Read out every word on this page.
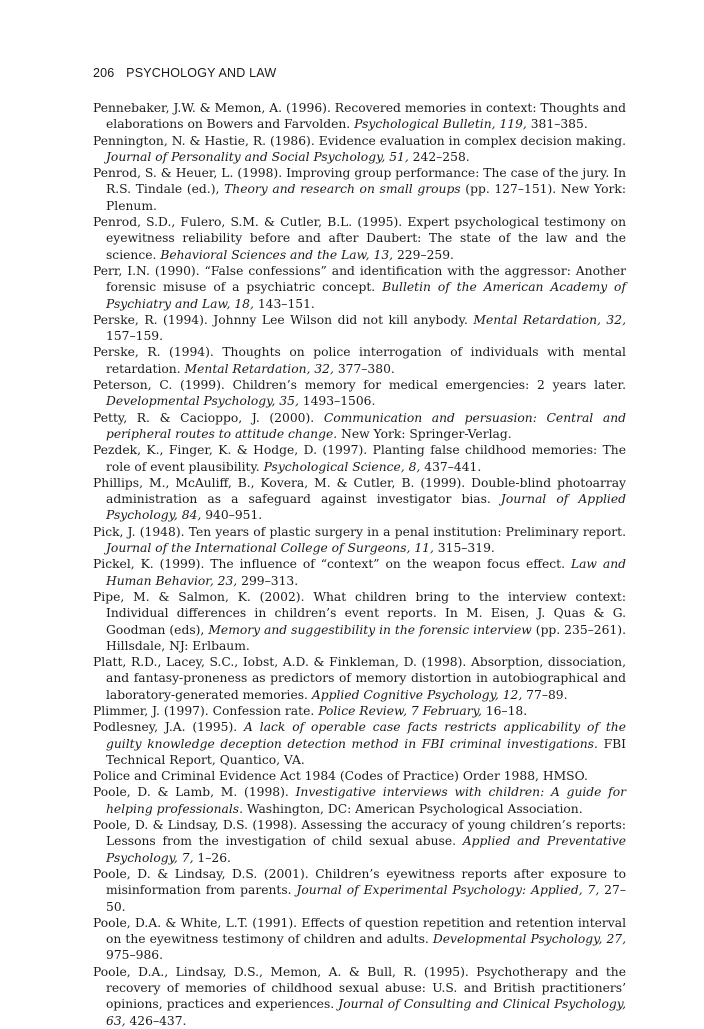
206 PSYCHOLOGY AND LAW

Pennebaker, J.W. & Memon, A. (1996). Recovered memories in context: Thoughts and elaborations on Bowers and Farvolden. Psychological Bulletin, 119, 381–385.

Pennington, N. & Hastie, R. (1986). Evidence evaluation in complex decision making. Journal of Personality and Social Psychology, 51, 242–258.

Penrod, S. & Heuer, L. (1998). Improving group performance: The case of the jury. In R.S. Tindale (ed.), Theory and research on small groups (pp. 127–151). New York: Plenum.

Penrod, S.D., Fulero, S.M. & Cutler, B.L. (1995). Expert psychological testimony on eyewitness reliability before and after Daubert: The state of the law and the science. Behavioral Sciences and the Law, 13, 229–259.

Perr, I.N. (1990). “False confessions” and identification with the aggressor: Another forensic misuse of a psychiatric concept. Bulletin of the American Academy of Psychiatry and Law, 18, 143–151.

Perske, R. (1994). Johnny Lee Wilson did not kill anybody. Mental Retardation, 32, 157–159.

Perske, R. (1994). Thoughts on police interrogation of individuals with mental retardation. Mental Retardation, 32, 377–380.

Peterson, C. (1999). Children’s memory for medical emergencies: 2 years later. Developmental Psychology, 35, 1493–1506.

Petty, R. & Cacioppo, J. (2000). Communication and persuasion: Central and peripheral routes to attitude change. New York: Springer-Verlag.

Pezdek, K., Finger, K. & Hodge, D. (1997). Planting false childhood memories: The role of event plausibility. Psychological Science, 8, 437–441.

Phillips, M., McAuliff, B., Kovera, M. & Cutler, B. (1999). Double-blind photoarray administration as a safeguard against investigator bias. Journal of Applied Psychology, 84, 940–951.

Pick, J. (1948). Ten years of plastic surgery in a penal institution: Preliminary report. Journal of the International College of Surgeons, 11, 315–319.

Pickel, K. (1999). The influence of “context” on the weapon focus effect. Law and Human Behavior, 23, 299–313.

Pipe, M. & Salmon, K. (2002). What children bring to the interview context: Individual differences in children’s event reports. In M. Eisen, J. Quas & G. Goodman (eds), Memory and suggestibility in the forensic interview (pp. 235–261). Hillsdale, NJ: Erlbaum.

Platt, R.D., Lacey, S.C., Iobst, A.D. & Finkleman, D. (1998). Absorption, dissociation, and fantasy-proneness as predictors of memory distortion in autobiographical and laboratory-generated memories. Applied Cognitive Psychology, 12, 77–89.

Plimmer, J. (1997). Confession rate. Police Review, 7 February, 16–18.

Podlesney, J.A. (1995). A lack of operable case facts restricts applicability of the guilty knowledge deception detection method in FBI criminal investigations. FBI Technical Report, Quantico, VA.

Police and Criminal Evidence Act 1984 (Codes of Practice) Order 1988, HMSO.

Poole, D. & Lamb, M. (1998). Investigative interviews with children: A guide for helping professionals. Washington, DC: American Psychological Association.

Poole, D. & Lindsay, D.S. (1998). Assessing the accuracy of young children’s reports: Lessons from the investigation of child sexual abuse. Applied and Preventative Psychology, 7, 1–26.

Poole, D. & Lindsay, D.S. (2001). Children’s eyewitness reports after exposure to misinformation from parents. Journal of Experimental Psychology: Applied, 7, 27–50.

Poole, D.A. & White, L.T. (1991). Effects of question repetition and retention interval on the eyewitness testimony of children and adults. Developmental Psychology, 27, 975–986.

Poole, D.A., Lindsay, D.S., Memon, A. & Bull, R. (1995). Psychotherapy and the recovery of memories of childhood sexual abuse: U.S. and British practitioners’ opinions, practices and experiences. Journal of Consulting and Clinical Psychology, 63, 426–437.
